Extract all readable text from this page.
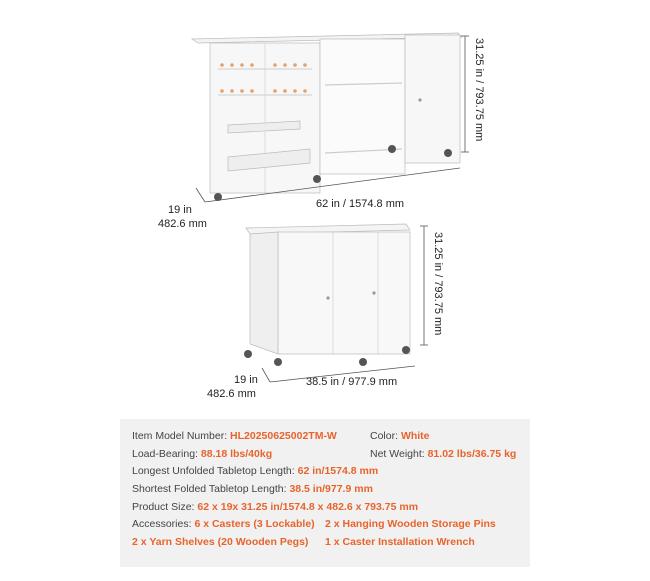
31.25 in / 793.75 mm
19 in
482.6 mm
62 in / 1574.8 mm
31.25 in / 793.75 mm
19 in
482.6 mm
38.5 in / 977.9 mm
Item Model Number: HL20250625002TM-W	Color: White
Load-Bearing: 88.18 lbs/40kg	Net Weight: 81.02 lbs/36.75 kg
Longest Unfolded Tabletop Length: 62 in/1574.8 mm
Shortest Folded Tabletop Length: 38.5 in/977.9 mm
Product Size: 62 x 19x 31.25 in/1574.8 x 482.6 x 793.75 mm
Accessories: 6 x Casters (3 Lockable) 2 x Hanging Wooden Storage Pins
2 x Yarn Shelves (20 Wooden Pegs) 1 x Caster Installation Wrench
